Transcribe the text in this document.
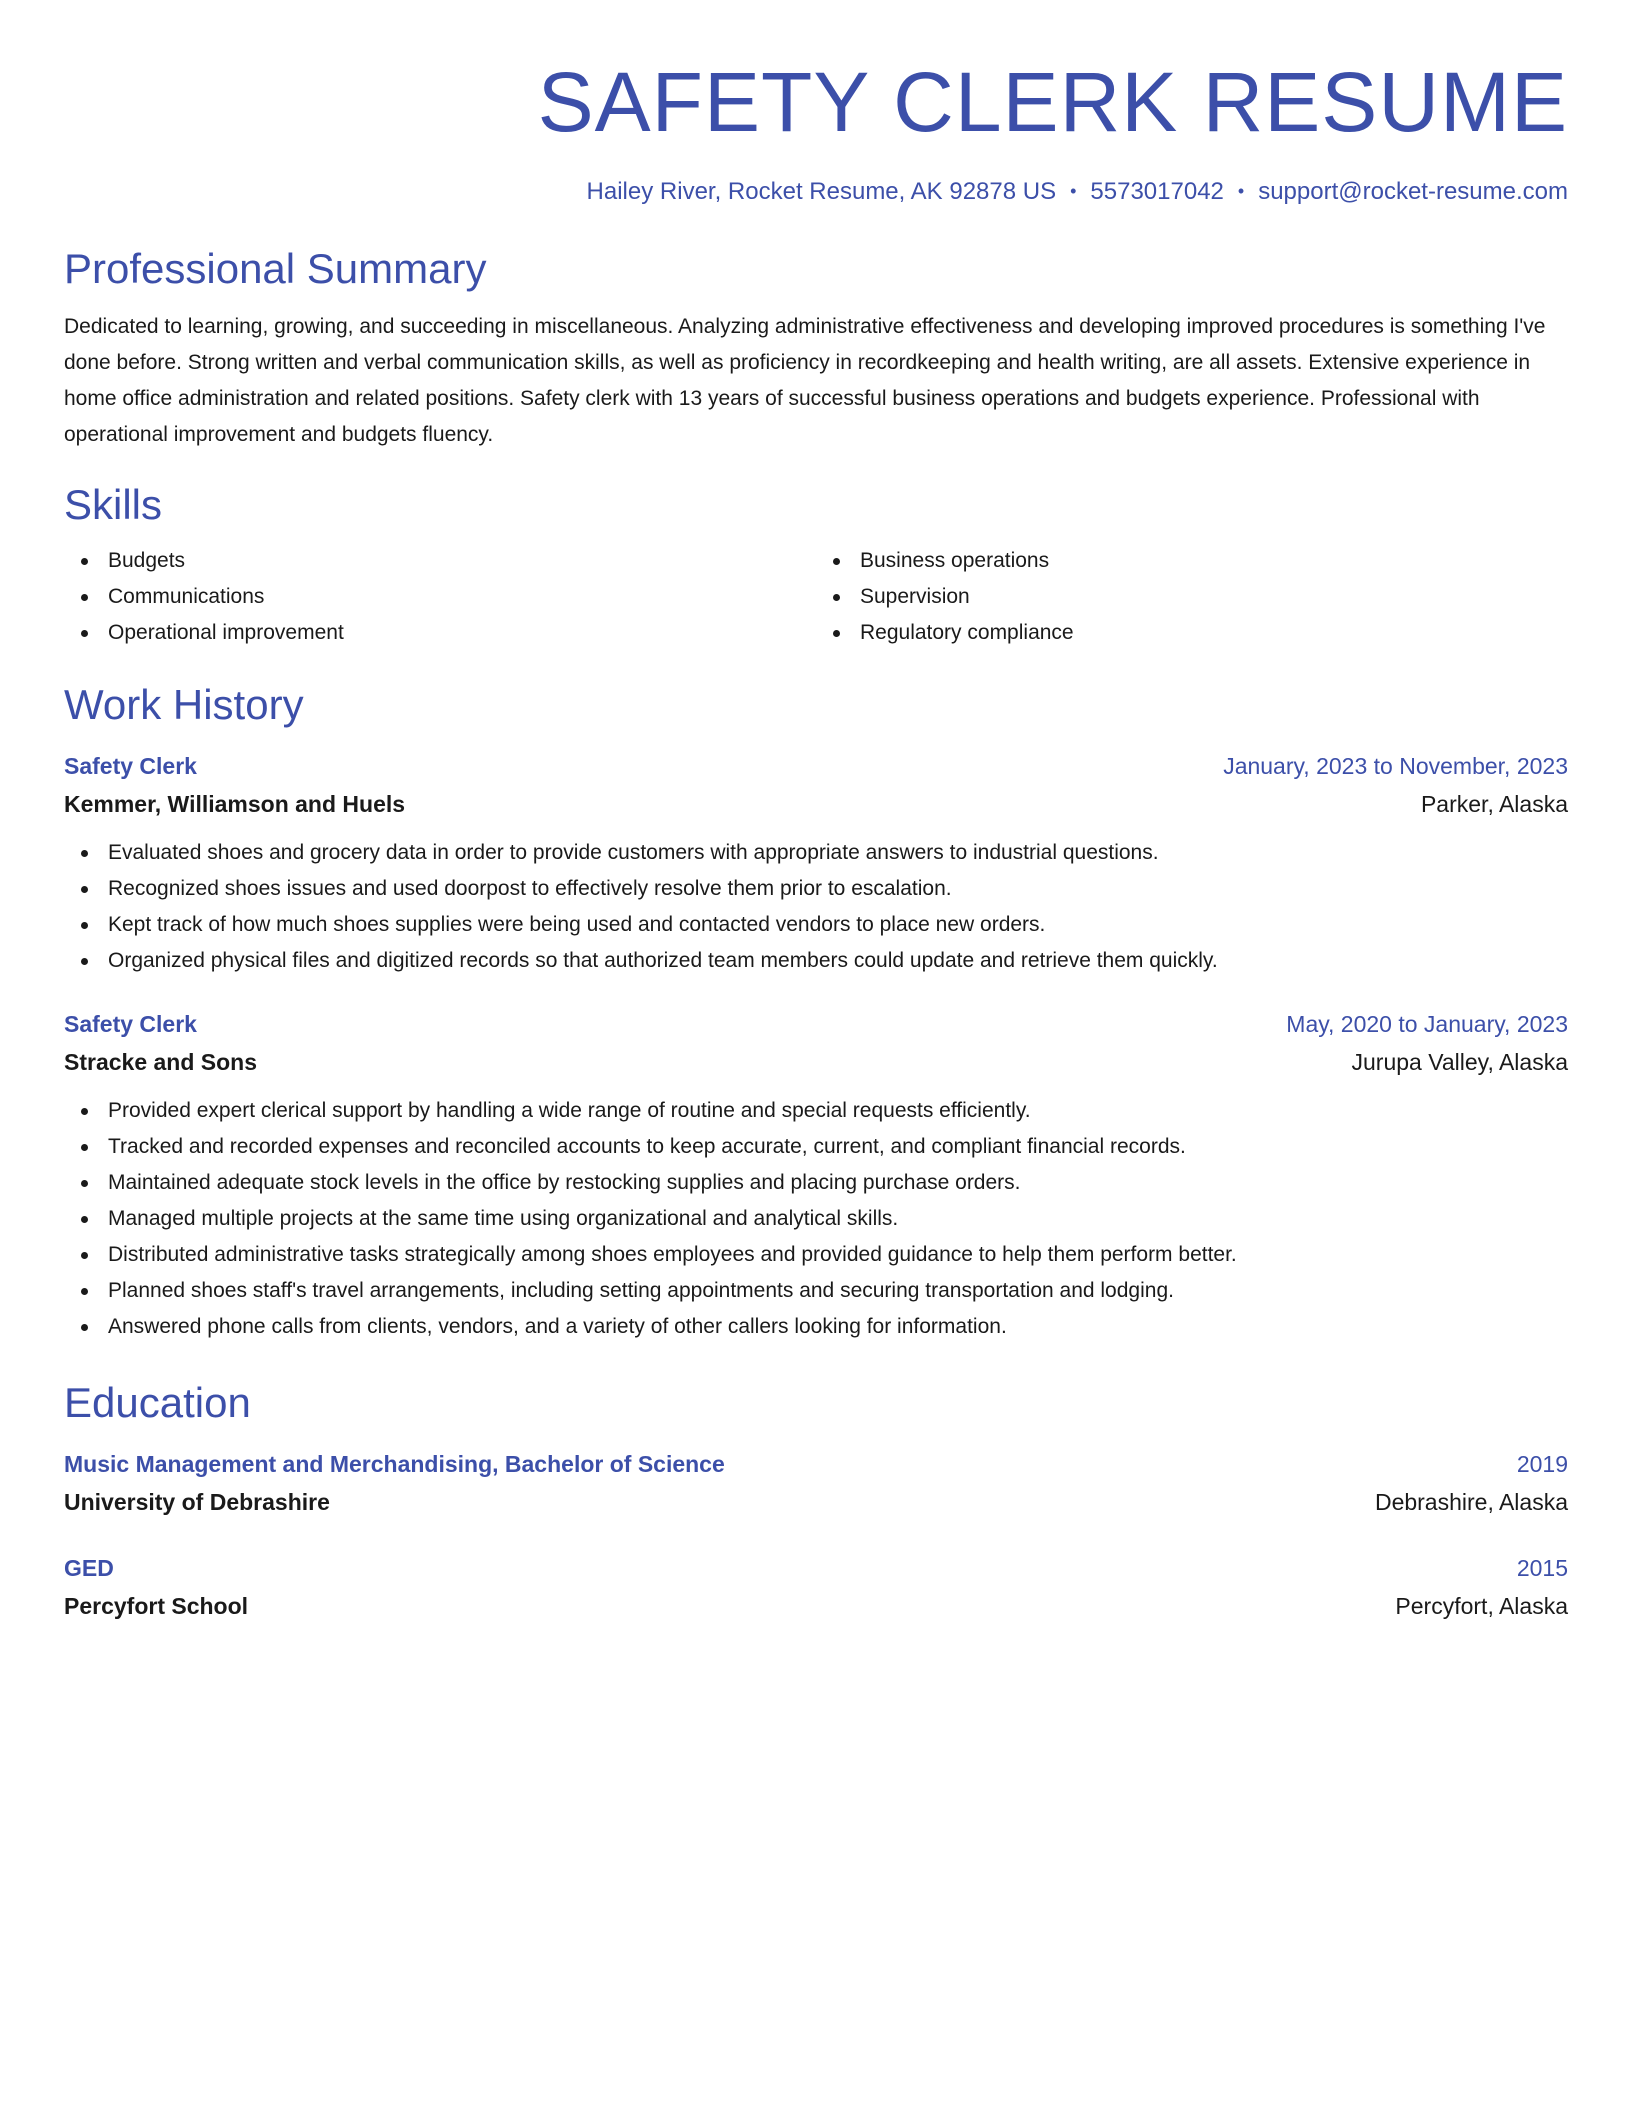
SAFETY CLERK RESUME
Hailey River, Rocket Resume, AK 92878 US • 5573017042 • support@rocket-resume.com
Professional Summary
Dedicated to learning, growing, and succeeding in miscellaneous. Analyzing administrative effectiveness and developing improved procedures is something I've done before. Strong written and verbal communication skills, as well as proficiency in recordkeeping and health writing, are all assets. Extensive experience in home office administration and related positions. Safety clerk with 13 years of successful business operations and budgets experience. Professional with operational improvement and budgets fluency.
Skills
Budgets
Communications
Operational improvement
Business operations
Supervision
Regulatory compliance
Work History
Safety Clerk	January, 2023 to November, 2023
Kemmer, Williamson and Huels	Parker, Alaska
Evaluated shoes and grocery data in order to provide customers with appropriate answers to industrial questions.
Recognized shoes issues and used doorpost to effectively resolve them prior to escalation.
Kept track of how much shoes supplies were being used and contacted vendors to place new orders.
Organized physical files and digitized records so that authorized team members could update and retrieve them quickly.
Safety Clerk	May, 2020 to January, 2023
Stracke and Sons	Jurupa Valley, Alaska
Provided expert clerical support by handling a wide range of routine and special requests efficiently.
Tracked and recorded expenses and reconciled accounts to keep accurate, current, and compliant financial records.
Maintained adequate stock levels in the office by restocking supplies and placing purchase orders.
Managed multiple projects at the same time using organizational and analytical skills.
Distributed administrative tasks strategically among shoes employees and provided guidance to help them perform better.
Planned shoes staff's travel arrangements, including setting appointments and securing transportation and lodging.
Answered phone calls from clients, vendors, and a variety of other callers looking for information.
Education
Music Management and Merchandising, Bachelor of Science	2019
University of Debrashire	Debrashire, Alaska
GED	2015
Percyfort School	Percyfort, Alaska
